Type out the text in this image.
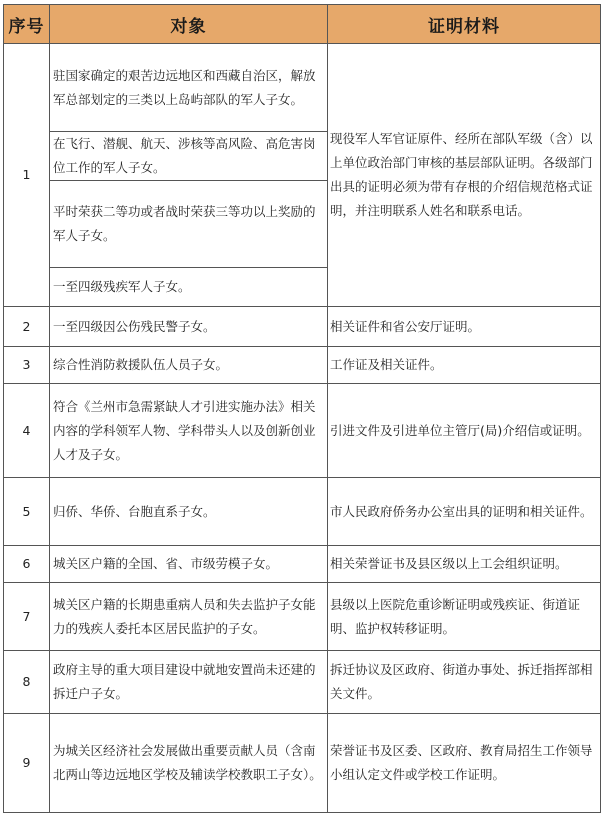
序号	对象	证明材料
1	驻国家确定的艰苦边远地区和西藏自治区，解放军总部划定的三类以上岛屿部队的军人子女。	现役军人军官证原件、经所在部队军级（含）以上单位政治部门审核的基层部队证明。各级部门出具的证明必须为带有存根的介绍信规范格式证明，并注明联系人姓名和联系电话。
	在飞行、潜舰、航天、涉核等高风险、高危害岗位工作的军人子女。	
	平时荣获二等功或者战时荣获三等功以上奖励的军人子女。	
	一至四级残疾军人子女。	
2	一至四级因公伤残民警子女。	相关证件和省公安厅证明。
3	综合性消防救援队伍人员子女。	工作证及相关证件。
4	符合《兰州市急需紧缺人才引进实施办法》相关内容的学科领军人物、学科带头人以及创新创业人才及子女。	引进文件及引进单位主管厅(局)介绍信或证明。
5	归侨、华侨、台胞直系子女。	市人民政府侨务办公室出具的证明和相关证件。
6	城关区户籍的全国、省、市级劳模子女。	相关荣誉证书及县区级以上工会组织证明。
7	城关区户籍的长期患重病人员和失去监护子女能力的残疾人委托本区居民监护的子女。	县级以上医院危重诊断证明或残疾证、街道证明、监护权转移证明。
8	政府主导的重大项目建设中就地安置尚未还建的拆迁户子女。	拆迁协议及区政府、街道办事处、拆迁指挥部相关文件。
9	为城关区经济社会发展做出重要贡献人员（含南北两山等边远地区学校及辅读学校教职工子女）。	荣誉证书及区委、区政府、教育局招生工作领导小组认定文件或学校工作证明。
